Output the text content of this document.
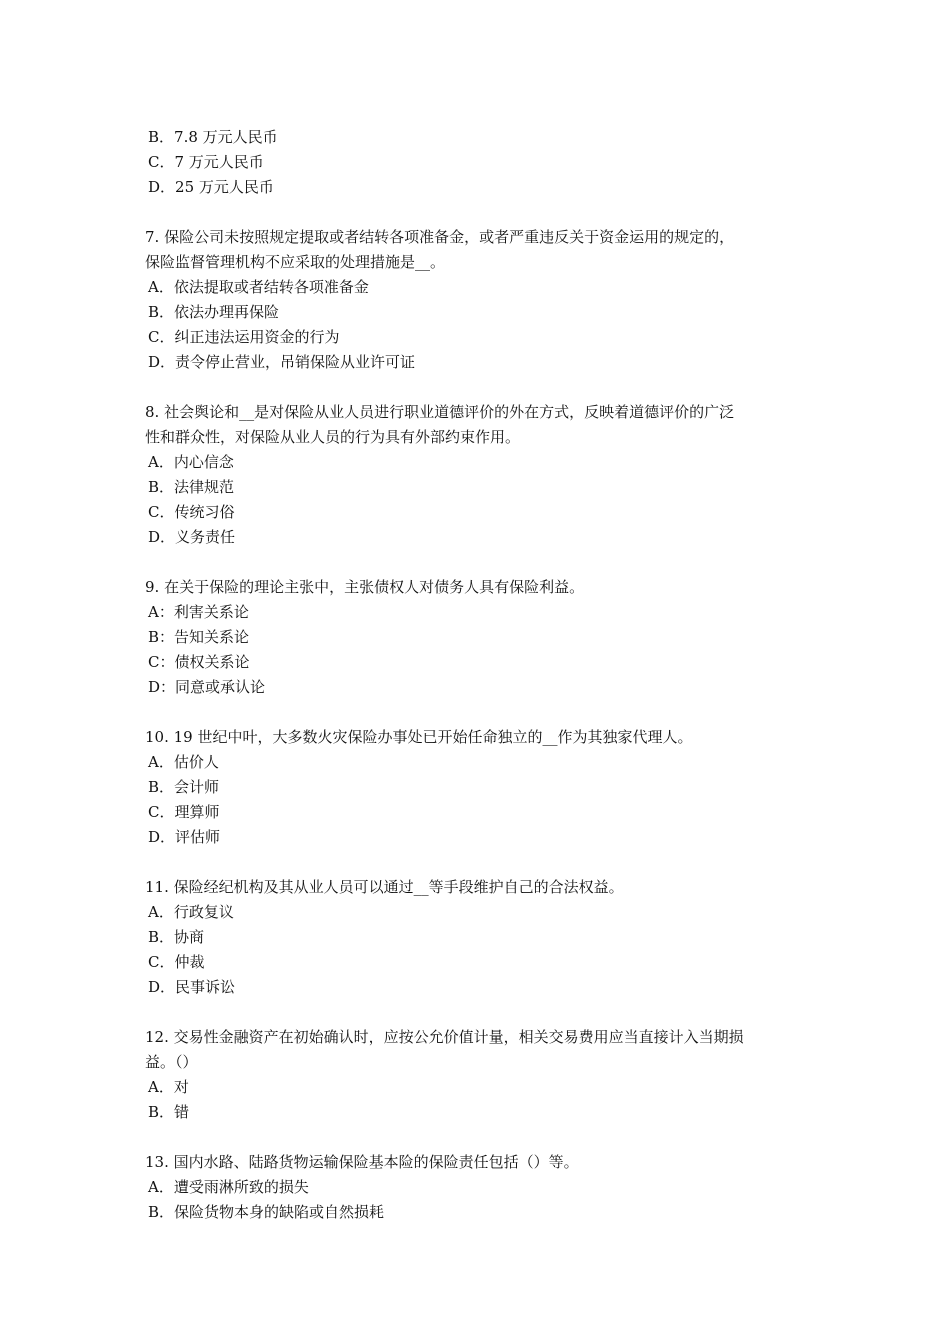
B．7.8 万元人民币
C．7 万元人民币
D．25 万元人民币
7. 保险公司未按照规定提取或者结转各项准备金，或者严重违反关于资金运用的规定的，
保险监督管理机构不应采取的处理措施是__。
A．依法提取或者结转各项准备金
B．依法办理再保险
C．纠正违法运用资金的行为
D．责令停止营业，吊销保险从业许可证
8. 社会舆论和__是对保险从业人员进行职业道德评价的外在方式，反映着道德评价的广泛
性和群众性，对保险从业人员的行为具有外部约束作用。
A．内心信念
B．法律规范
C．传统习俗
D．义务责任
9. 在关于保险的理论主张中，主张债权人对债务人具有保险利益。
A：利害关系论
B：告知关系论
C：债权关系论
D：同意或承认论
10. 19 世纪中叶，大多数火灾保险办事处已开始任命独立的__作为其独家代理人。
A．估价人
B．会计师
C．理算师
D．评估师
11. 保险经纪机构及其从业人员可以通过__等手段维护自己的合法权益。
A．行政复议
B．协商
C．仲裁
D．民事诉讼
12. 交易性金融资产在初始确认时，应按公允价值计量，相关交易费用应当直接计入当期损
益。（）
A．对
B．错
13. 国内水路、陆路货物运输保险基本险的保险责任包括（）等。
A．遭受雨淋所致的损失
B．保险货物本身的缺陷或自然损耗
